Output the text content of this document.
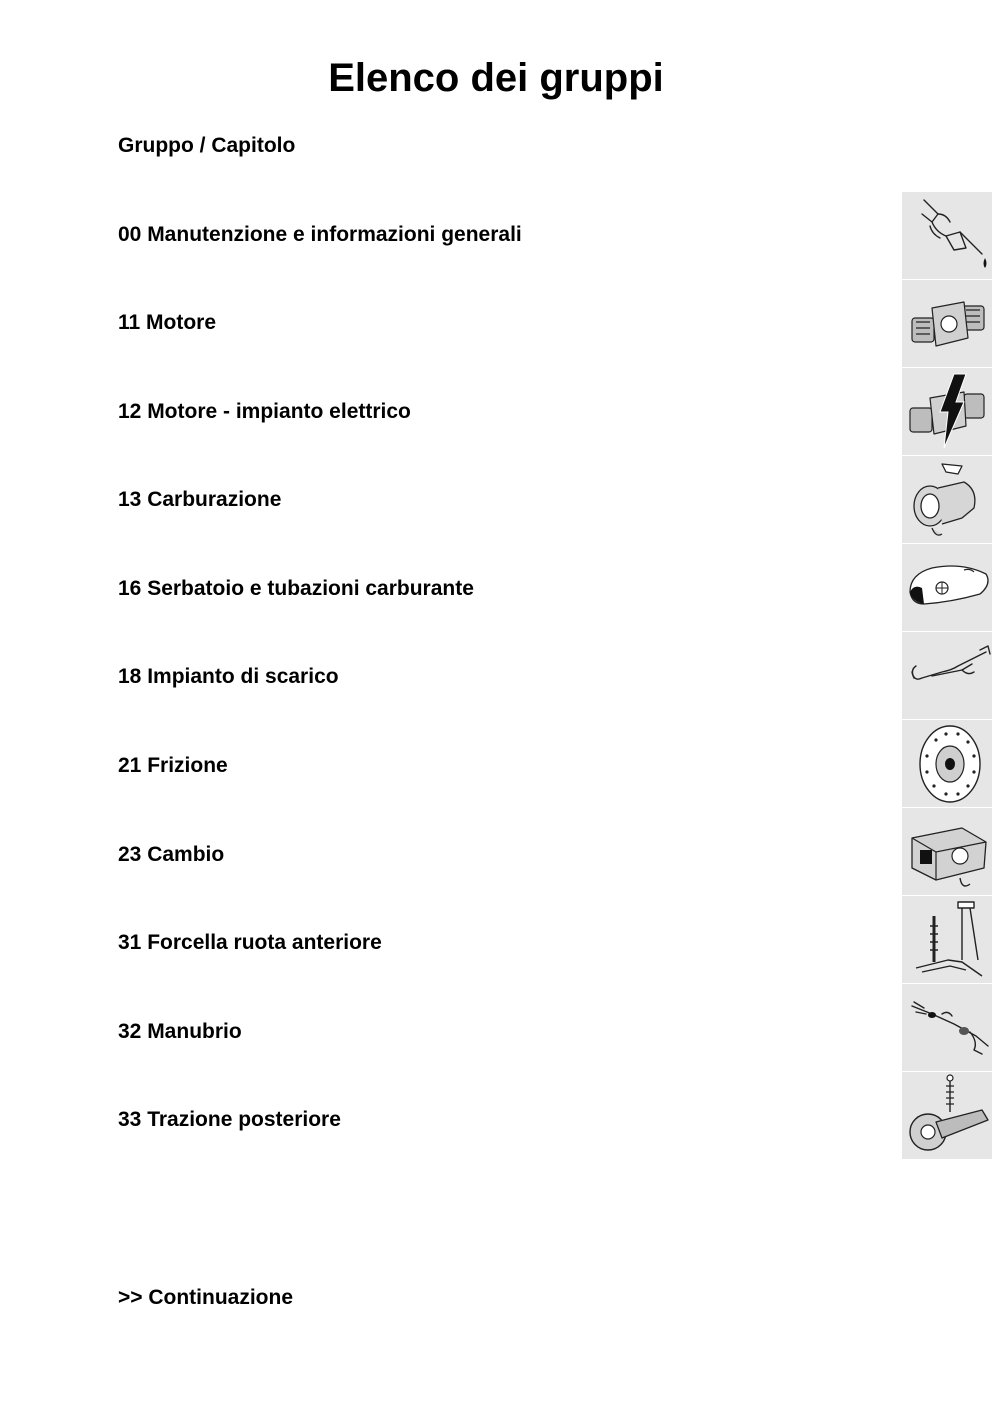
Elenco dei gruppi
Gruppo / Capitolo
00 Manutenzione e informazioni generali
11 Motore
12 Motore - impianto elettrico
13 Carburazione
16 Serbatoio e tubazioni carburante
18 Impianto di scarico
21 Frizione
23 Cambio
31 Forcella ruota anteriore
32 Manubrio
33 Trazione posteriore
>> Continuazione
